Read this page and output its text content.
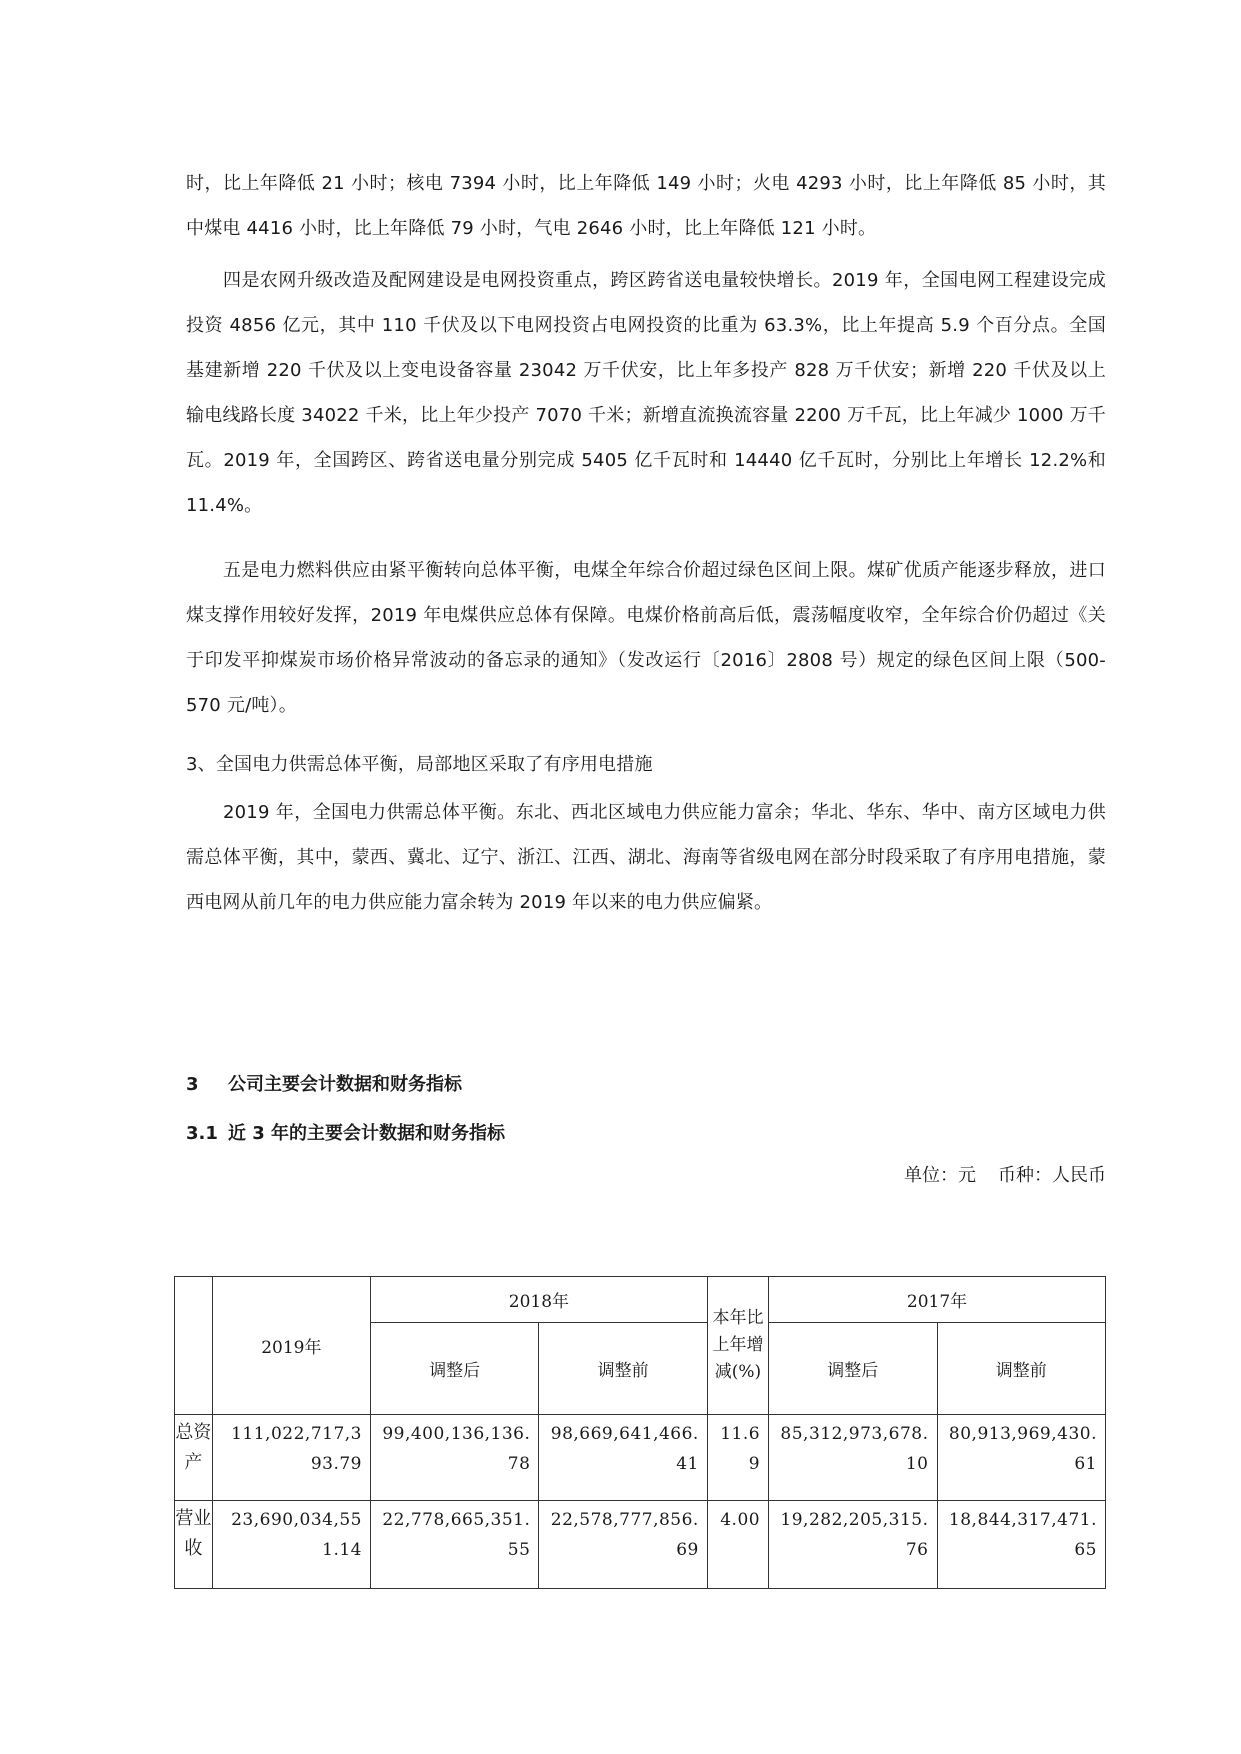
时，比上年降低 21 小时；核电 7394 小时，比上年降低 149 小时；火电 4293 小时，比上年降低 85 小时，其中煤电 4416 小时，比上年降低 79 小时，气电 2646 小时，比上年降低 121 小时。

四是农网升级改造及配网建设是电网投资重点，跨区跨省送电量较快增长。2019 年，全国电网工程建设完成投资 4856 亿元，其中 110 千伏及以下电网投资占电网投资的比重为 63.3%，比上年提高 5.9 个百分点。全国基建新增 220 千伏及以上变电设备容量 23042 万千伏安，比上年多投产 828 万千伏安；新增 220 千伏及以上输电线路长度 34022 千米，比上年少投产 7070 千米；新增直流换流容量 2200 万千瓦，比上年减少 1000 万千瓦。2019 年，全国跨区、跨省送电量分别完成 5405 亿千瓦时和 14440 亿千瓦时，分别比上年增长 12.2%和 11.4%。

五是电力燃料供应由紧平衡转向总体平衡，电煤全年综合价超过绿色区间上限。煤矿优质产能逐步释放，进口煤支撑作用较好发挥，2019 年电煤供应总体有保障。电煤价格前高后低，震荡幅度收窄，全年综合价仍超过《关于印发平抑煤炭市场价格异常波动的备忘录的通知》（发改运行〔2016〕2808 号）规定的绿色区间上限（500-570 元/吨）。

3、全国电力供需总体平衡，局部地区采取了有序用电措施

2019 年，全国电力供需总体平衡。东北、西北区域电力供应能力富余；华北、华东、华中、南方区域电力供需总体平衡，其中，蒙西、冀北、辽宁、浙江、江西、湖北、海南等省级电网在部分时段采取了有序用电措施，蒙西电网从前几年的电力供应能力富余转为 2019 年以来的电力供应偏紧。

3 公司主要会计数据和财务指标
3.1 近 3 年的主要会计数据和财务指标
单位：元 币种：人民币
	2019年	2018年		本年比上年增减(%)	2017年	
		调整后	调整前		调整后	调整前
总资产	111,022,717,393.79	99,400,136,136.78	98,669,641,466.41	11.69	85,312,973,678.10	80,913,969,430.61
营业收	23,690,034,551.14	22,778,665,351.55	22,578,777,856.69	4.00	19,282,205,315.76	18,844,317,471.65
